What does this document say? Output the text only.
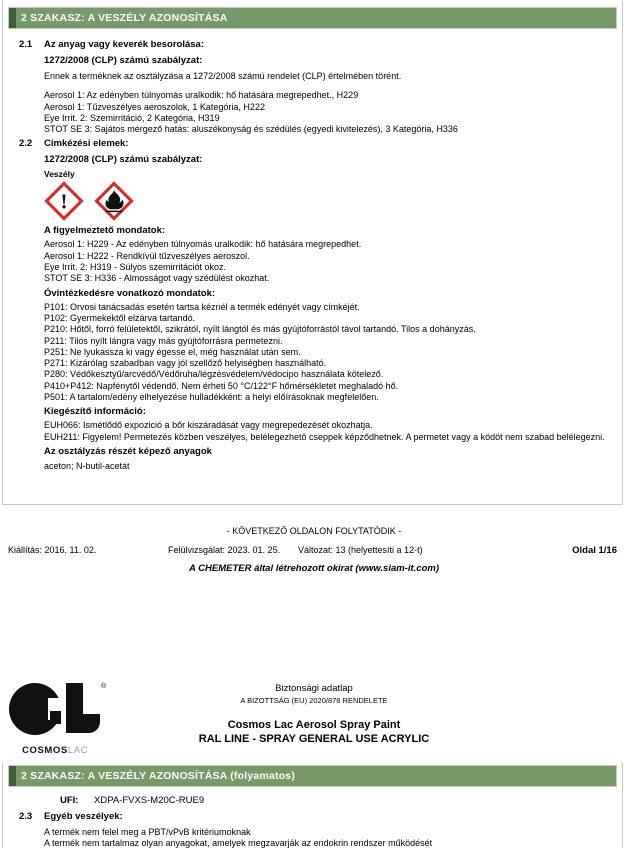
2 SZAKASZ: A VESZÉLY AZONOSÍTÁSA
2.1	Az anyag vagy keverék besorolása:
1272/2008 (CLP) számú szabályzat:
Ennek a terméknek az osztályzása a 1272/2008 számú rendelet (CLP) értelmében törént.
Aerosol 1: Az edényben túlnyomás uralkodik: hő hatására megrepedhet., H229
Aerosol 1: Tűzveszélyes aeroszolok, 1 Kategória, H222
Eye Irrit. 2: Szemirritáció, 2 Kategória, H319
STOT SE 3: Sajátos mérgező hatás: aluszékonyság és szédülés (egyedi kivitelezés), 3 Kategória, H336
2.2	Címkézési elemek:
1272/2008 (CLP) számú szabályzat:
Veszély
!
A figyelmeztető mondatok:
Aerosol 1: H229 - Az edényben túlnyomás uralkodik: hő hatására megrepedhet.
Aerosol 1: H222 - Rendkívül tűzveszélyes aeroszol.
Eye Irrit. 2: H319 - Súlyos szemirritációt okoz.
STOT SE 3: H336 - Almosságot vagy szédülést okozhat.
Óvintézkedésre vonatkozó mondatok:
P101: Orvosi tanácsadás esetén tartsa kéznél a termék edényét vagy címkéjét.
P102: Gyermekektől elzárva tartandó.
P210: Hőtől, forró felületektől, szikrától, nyílt lángtól és más gyújtóforrástól távol tartandó. Tilos a dohányzás.
P211: Tilos nyílt lángra vagy más gyújtóforrásra permetezni.
P251: Ne lyukassza ki vagy égesse el, még használat után sem.
P271: Kizárólag szabadban vagy jól szellőző helyiségben használható.
P280: Védőkesztyű/arcvédő/Védőruha/légzésvédelem/védocipo használata kötelező.
P410+P412: Napfénytől védendő. Nem érheti 50 °C/122°F hőmérsékletet meghaladó hő.
P501: A tartalom/edény elhelyezése hulladékként: a helyi előírásoknak megfelelően.
Kiegészítő információ:
EUH066: Ismétlődő expozició a bőr kiszáradását vagy megrepedezését okozhatja.
EUH211: Figyelem! Permetezés közben veszélyes, belélegezhetô cseppek képződhetnek. A permetet vagy a ködöt nem szabad belélegezni.
Az osztályzás részét képező anyagok
aceton; N-butil-acetát
- KÖVETKEZŐ OLDALON FOLYTATÓDIK -
Kiállítás: 2016. 11. 02.	Felülvizsgálat: 2023. 01. 25. Változat: 13 (helyettesíti a 12-t)	Oldal 1/16
A CHEMETER által létrehozott okirat (www.siam-it.com)
®
COSMOSLAC
Biztonsági adatlap
A BIZOTTSÁG (EU) 2020/878 RENDELETE
Cosmos Lac Aerosol Spray Paint
RAL LINE - SPRAY GENERAL USE ACRYLIC
2 SZAKASZ: A VESZÉLY AZONOSÍTÁSA (folyamatos)
UFI:	XDPA-FVXS-M20C-RUE9
2.3	Egyéb veszélyek:
A termék nem felel meg a PBT/vPvB kritériumoknak
A termék nem tartalmaz olyan anyagokat, amelyek megzavarják az endokrin rendszer működését
